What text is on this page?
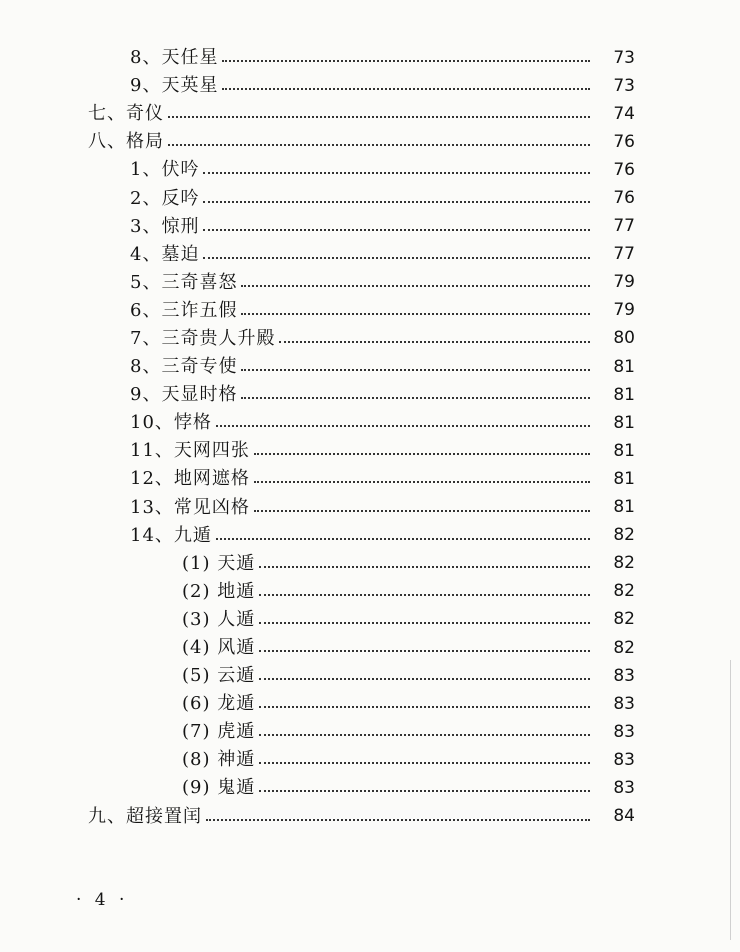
8、天任星	73
9、天英星	73
七、奇仪	74
八、格局	76
1、伏吟	76
2、反吟	76
3、惊刑	77
4、墓迫	77
5、三奇喜怒	79
6、三诈五假	79
7、三奇贵人升殿	80
8、三奇专使	81
9、天显时格	81
10、悖格	81
11、天网四张	81
12、地网遮格	81
13、常见凶格	81
14、九遁	82
(1) 天遁	82
(2) 地遁	82
(3) 人遁	82
(4) 风遁	82
(5) 云遁	83
(6) 龙遁	83
(7) 虎遁	83
(8) 神遁	83
(9) 鬼遁	83
九、超接置闰	84
· 4 ·
